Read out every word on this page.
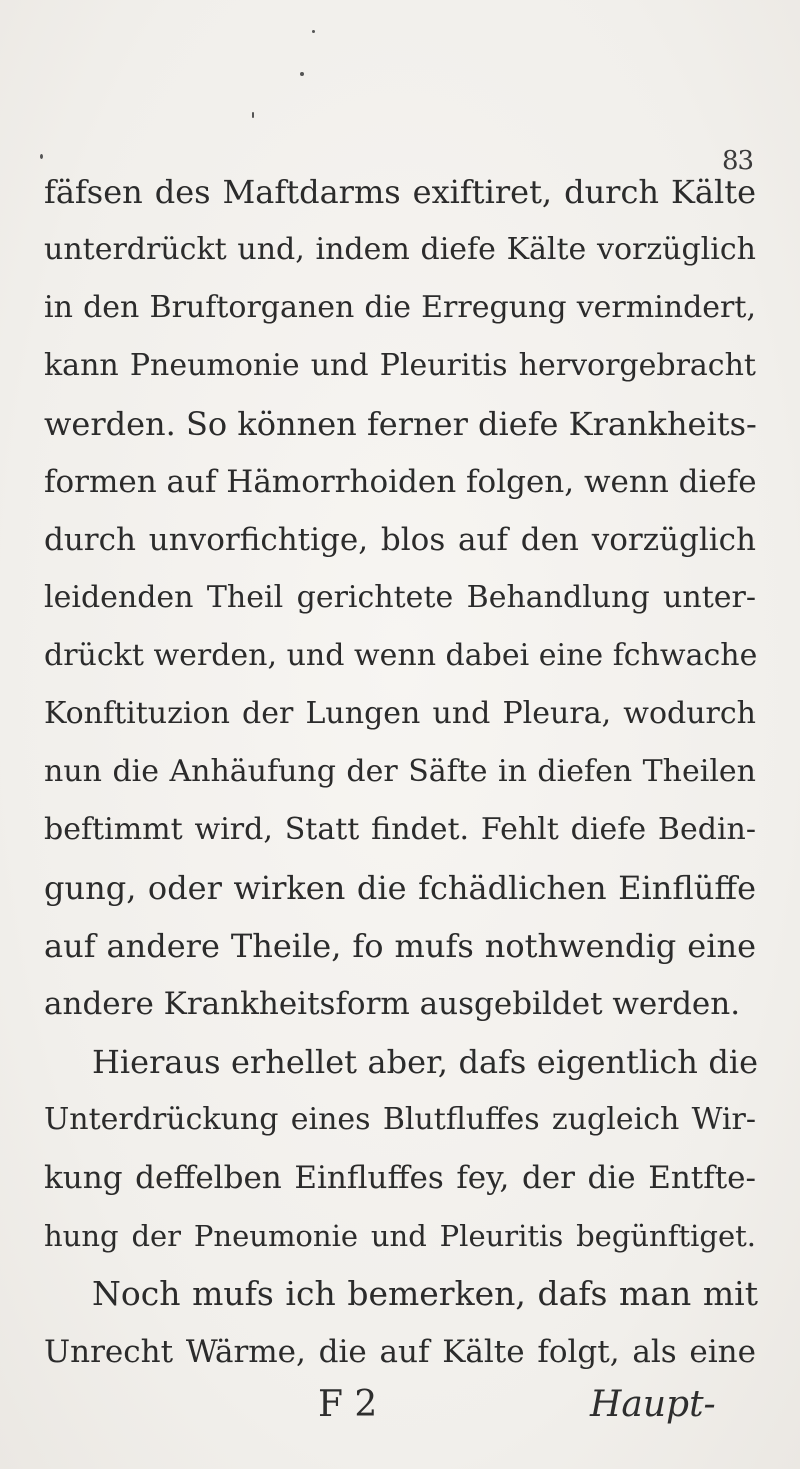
83
fäfsen des Maftdarms exiftiret, durch Kälte
unterdrückt und, indem diefe Kälte vorzüglich
in den Bruftorganen die Erregung vermindert,
kann Pneumonie und Pleuritis hervorgebracht
werden. So können ferner diefe Krankheits-
formen auf Hämorrhoiden folgen, wenn diefe
durch unvorfichtige, blos auf den vorzüglich
leidenden Theil gerichtete Behandlung unter-
drückt werden, und wenn dabei eine fchwache
Konftituzion der Lungen und Pleura, wodurch
nun die Anhäufung der Säfte in diefen Theilen
beftimmt wird, Statt findet. Fehlt diefe Bedin-
gung, oder wirken die fchädlichen Einflüffe
auf andere Theile, fo mufs nothwendig eine
andere Krankheitsform ausgebildet werden.
Hieraus erhellet aber, dafs eigentlich die
Unterdrückung eines Blutfluffes zugleich Wir-
kung deffelben Einfluffes fey, der die Entfte-
hung der Pneumonie und Pleuritis begünftiget.
Noch mufs ich bemerken, dafs man mit
Unrecht Wärme, die auf Kälte folgt, als eine
F 2	Haupt-
